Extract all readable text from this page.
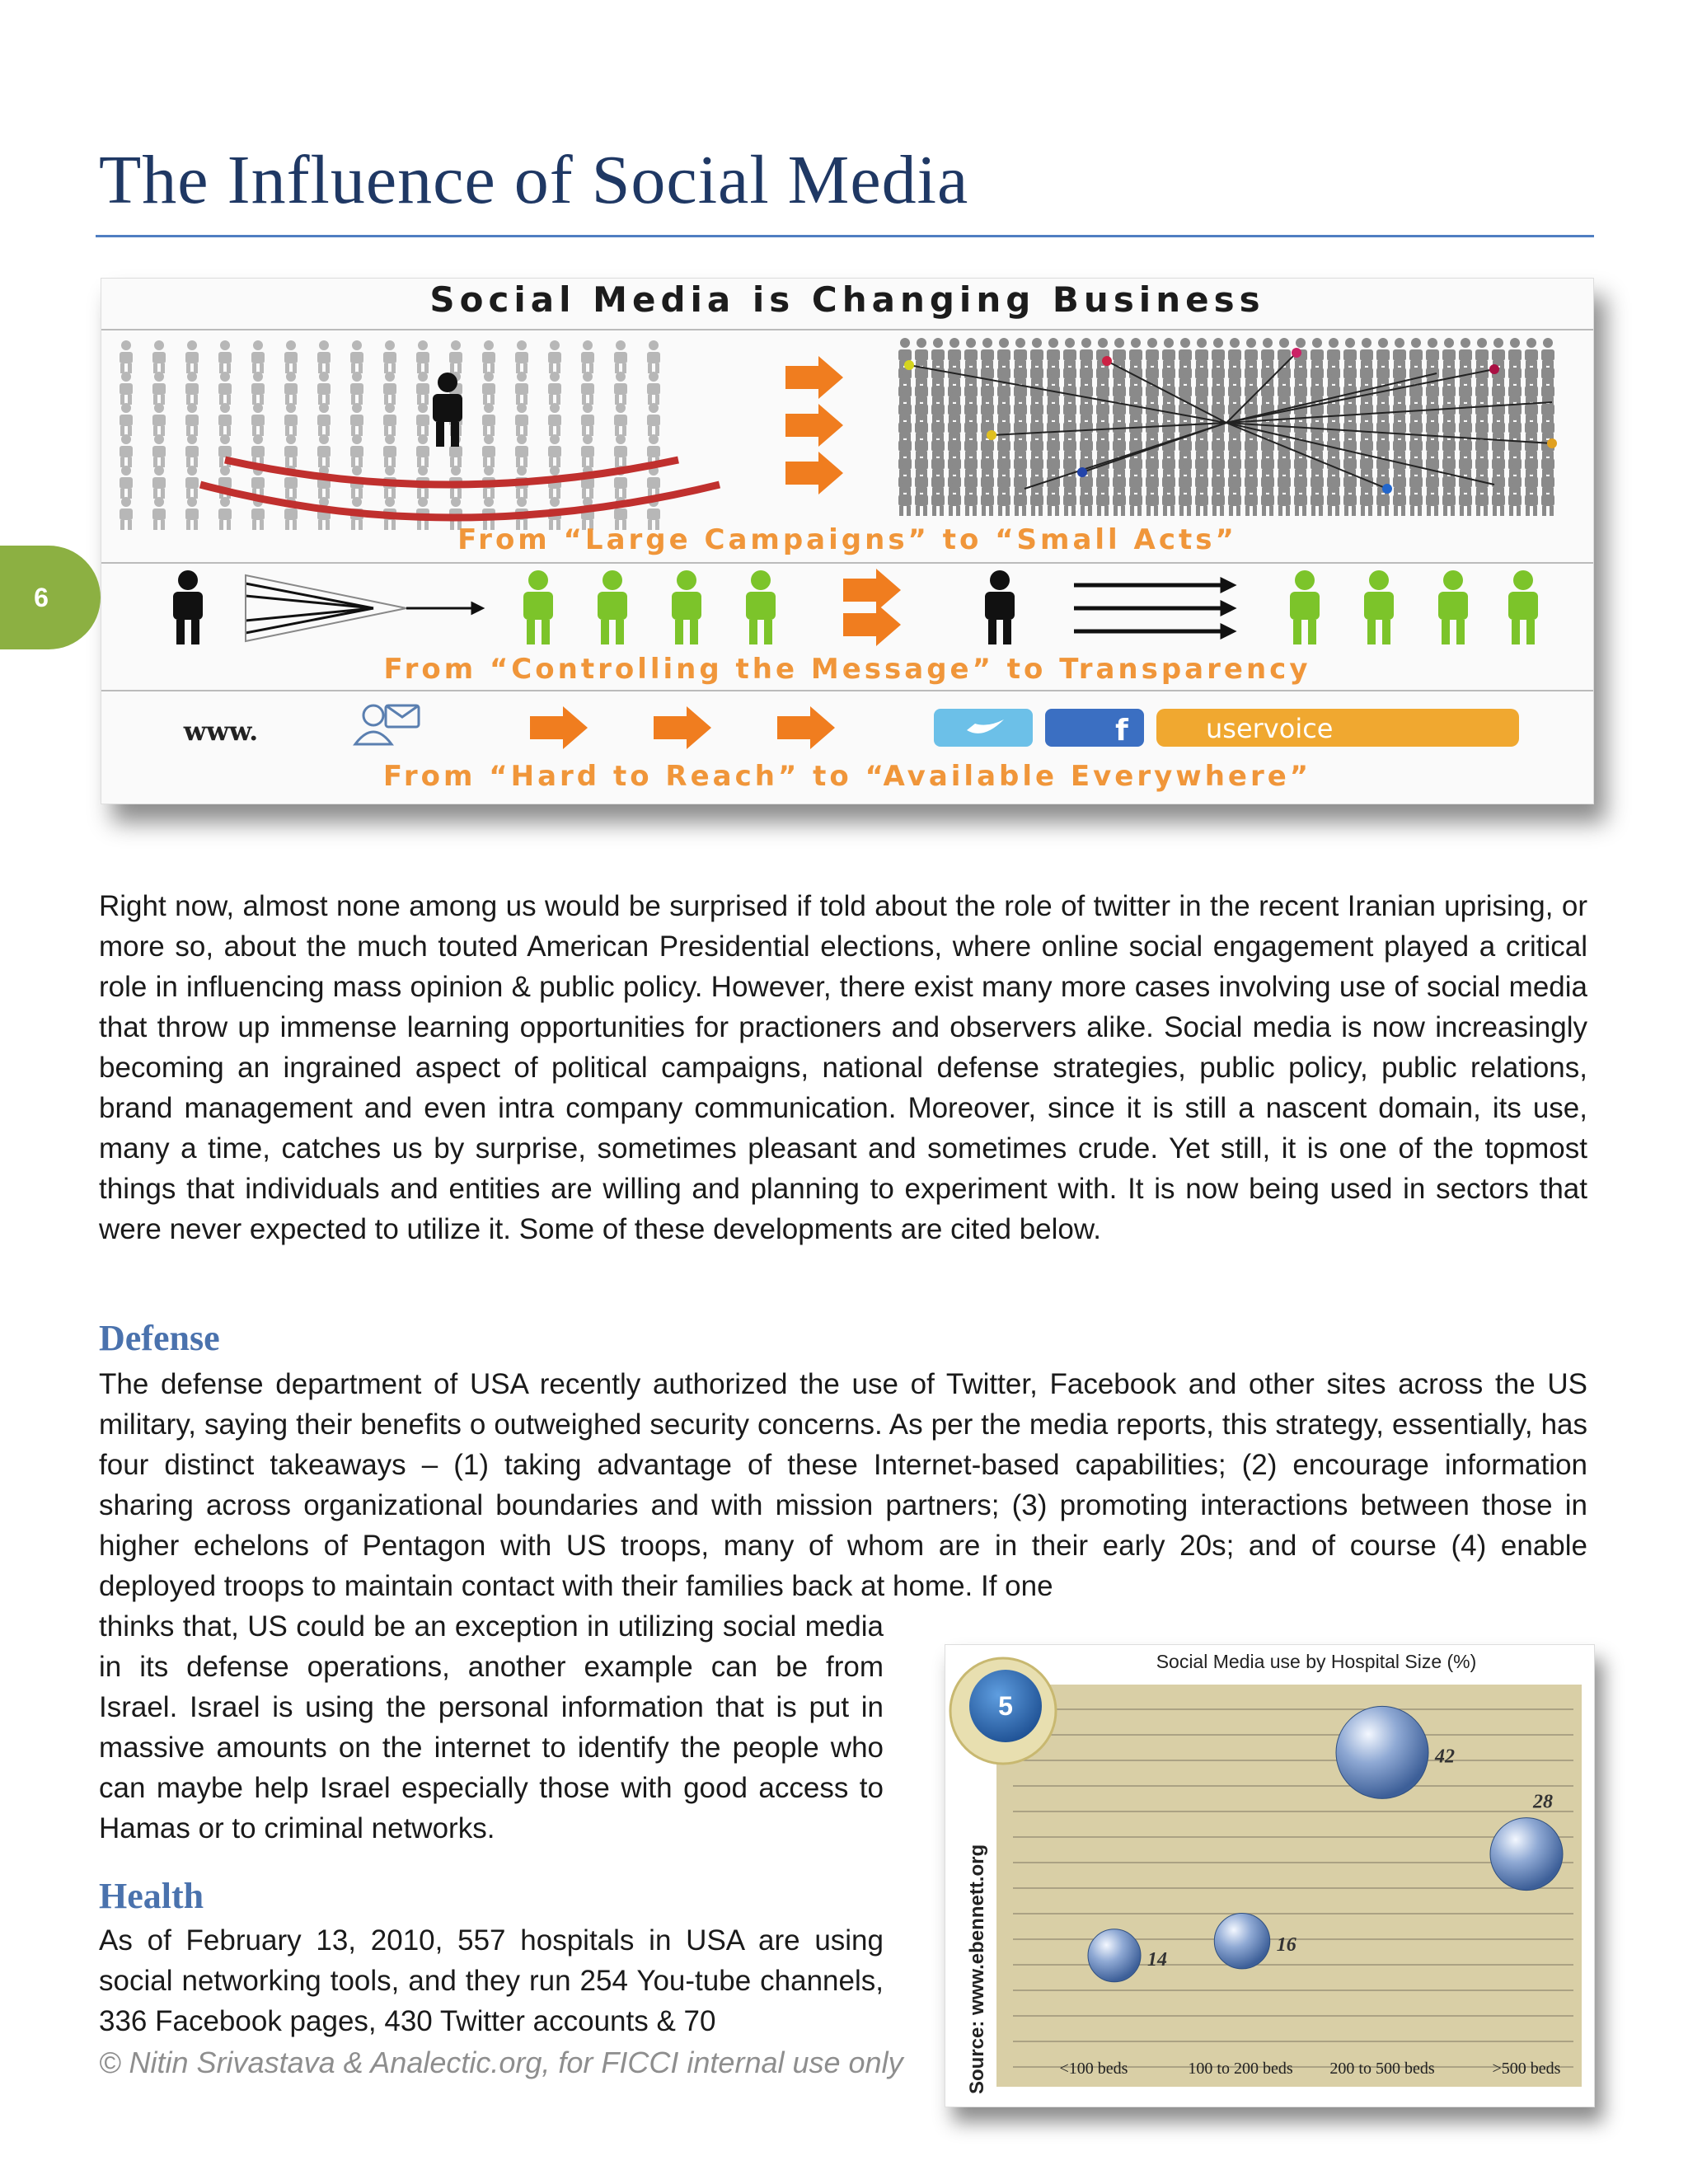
The Influence of Social Media
Social Media is Changing Business
From “Large Campaigns” to “Small Acts”
From “Controlling the Message” to Transparency
www.	f	uservoice
From “Hard to Reach” to “Available Everywhere”
6

Right now, almost none among us would be surprised if told about the role of twitter in the recent Iranian uprising, or more so, about the much touted American Presidential elections, where online social engagement played a critical role in influencing mass opinion & public policy. However, there exist many more cases involving use of social media that throw up immense learning opportunities for practioners and observers alike. Social media is now increasingly becoming an ingrained aspect of political campaigns, national defense strategies, public policy, public relations, brand management and even intra company communication. Moreover, since it is still a nascent domain, its use, many a time, catches us by surprise, sometimes pleasant and sometimes crude. Yet still, it is one of the topmost things that individuals and entities are willing and planning to experiment with. It is now being used in sectors that were never expected to utilize it. Some of these developments are cited below.

Defense

The defense department of USA recently authorized the use of Twitter, Facebook and other sites across the US military, saying their benefits o outweighed security concerns. As per the media reports, this strategy, essentially, has four distinct takeaways – (1) taking advantage of these Internet-based capabilities; (2) encourage information sharing across organizational boundaries and with mission partners; (3) promoting interactions between those in higher echelons of Pentagon with US troops, many of whom are in their early 20s; and of course (4) enable deployed troops to maintain contact with their families back at home. If one

thinks that, US could be an exception in utilizing social media in its defense operations, another example can be from Israel. Israel is using the personal information that is put in massive amounts on the internet to identify the people who can maybe help Israel especially those with good access to Hamas or to criminal networks.

Health

As of February 13, 2010, 557 hospitals in USA are using social networking tools, and they run 254 You-tube channels, 336 Facebook pages, 430 Twitter accounts & 70

© Nitin Srivastava & Analectic.org, for FICCI internal use only

14
16
42
28
<100 beds	100 to 200 beds 200 to 500 beds	>500 beds
Social Media use by Hospital Size (%)
5
Source: www.ebennett.org
